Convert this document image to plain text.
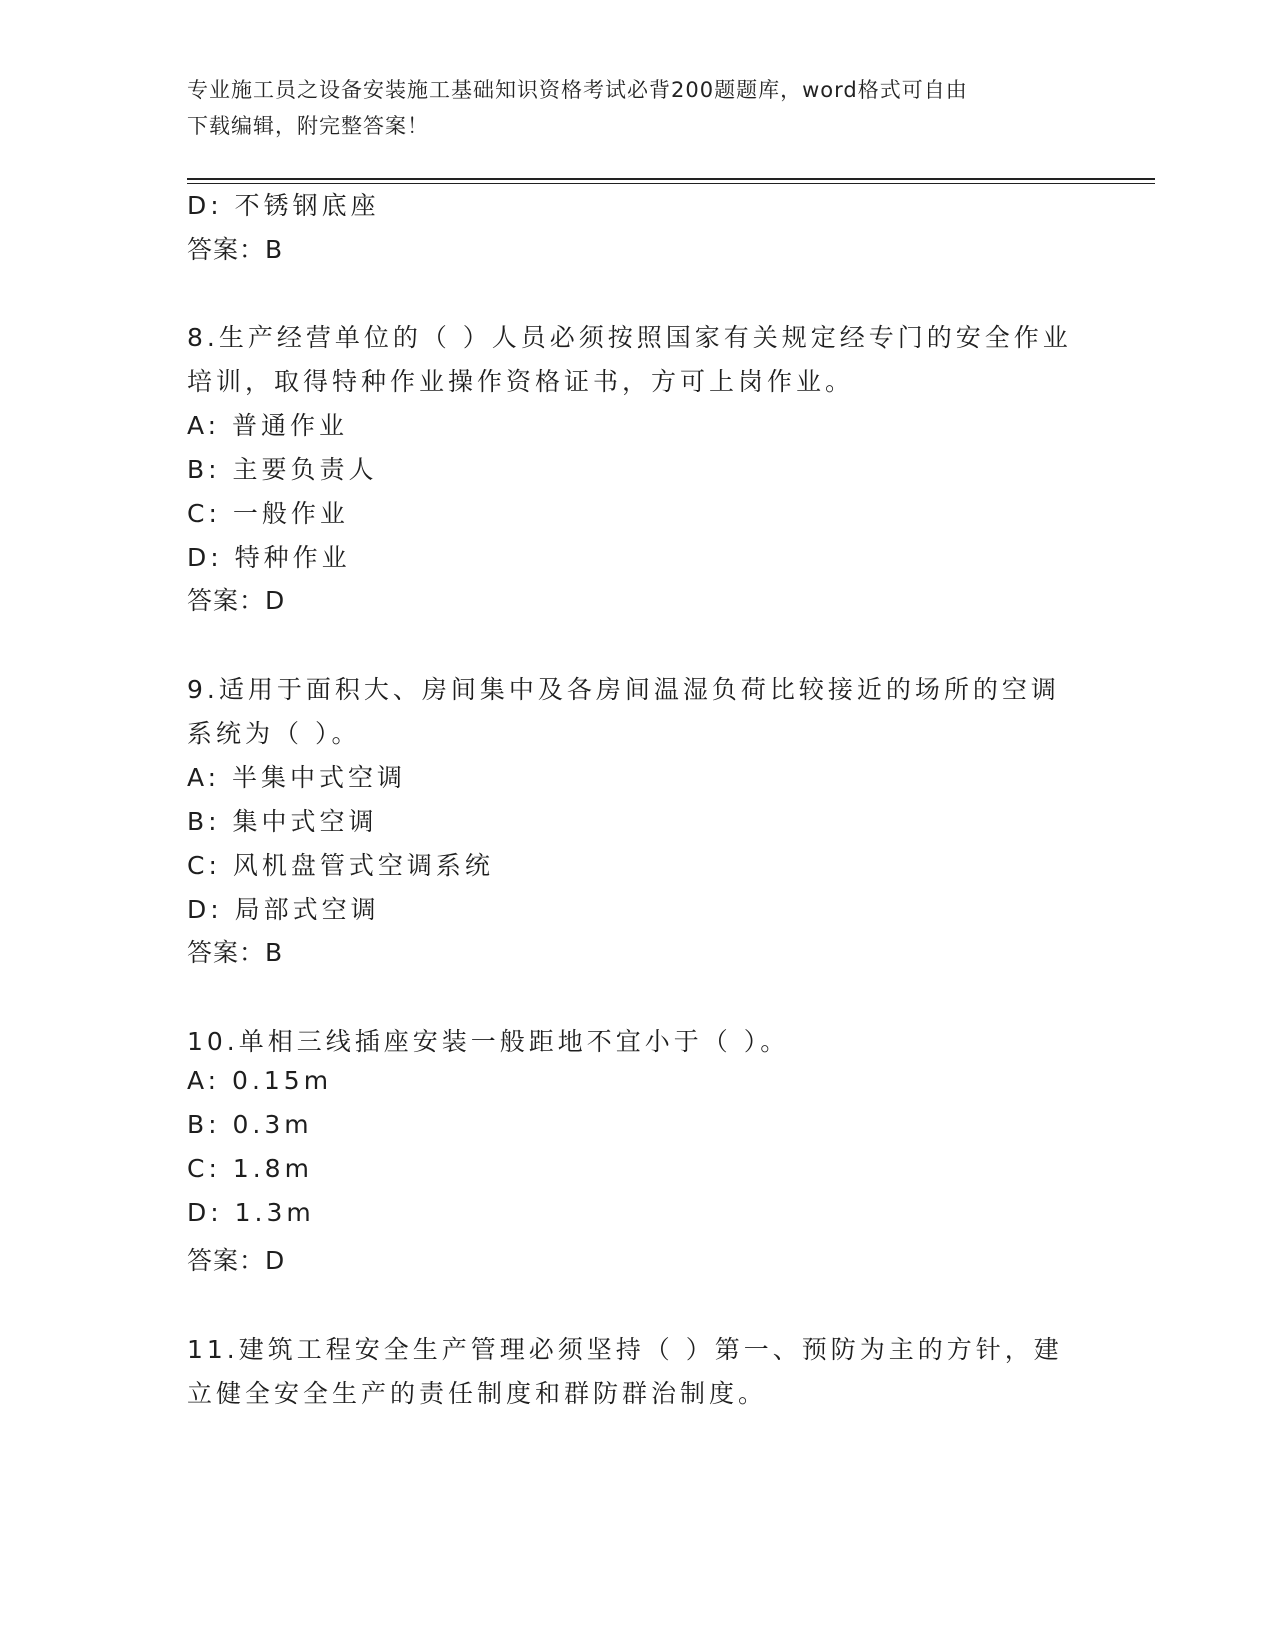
专业施工员之设备安装施工基础知识资格考试必背200题题库，word格式可自由
下载编辑，附完整答案！
D: 不锈钢底座
答案：B
8.生产经营单位的（ ）人员必须按照国家有关规定经专门的安全作业
培训，取得特种作业操作资格证书，方可上岗作业。
A: 普通作业
B: 主要负责人
C: 一般作业
D: 特种作业
答案：D
9.适用于面积大、房间集中及各房间温湿负荷比较接近的场所的空调
系统为（ ）。
A: 半集中式空调
B: 集中式空调
C: 风机盘管式空调系统
D: 局部式空调
答案：B
10.单相三线插座安装一般距地不宜小于（ ）。
A: 0.15m
B: 0.3m
C: 1.8m
D: 1.3m
答案：D
11.建筑工程安全生产管理必须坚持（ ）第一、预防为主的方针，建
立健全安全生产的责任制度和群防群治制度。
